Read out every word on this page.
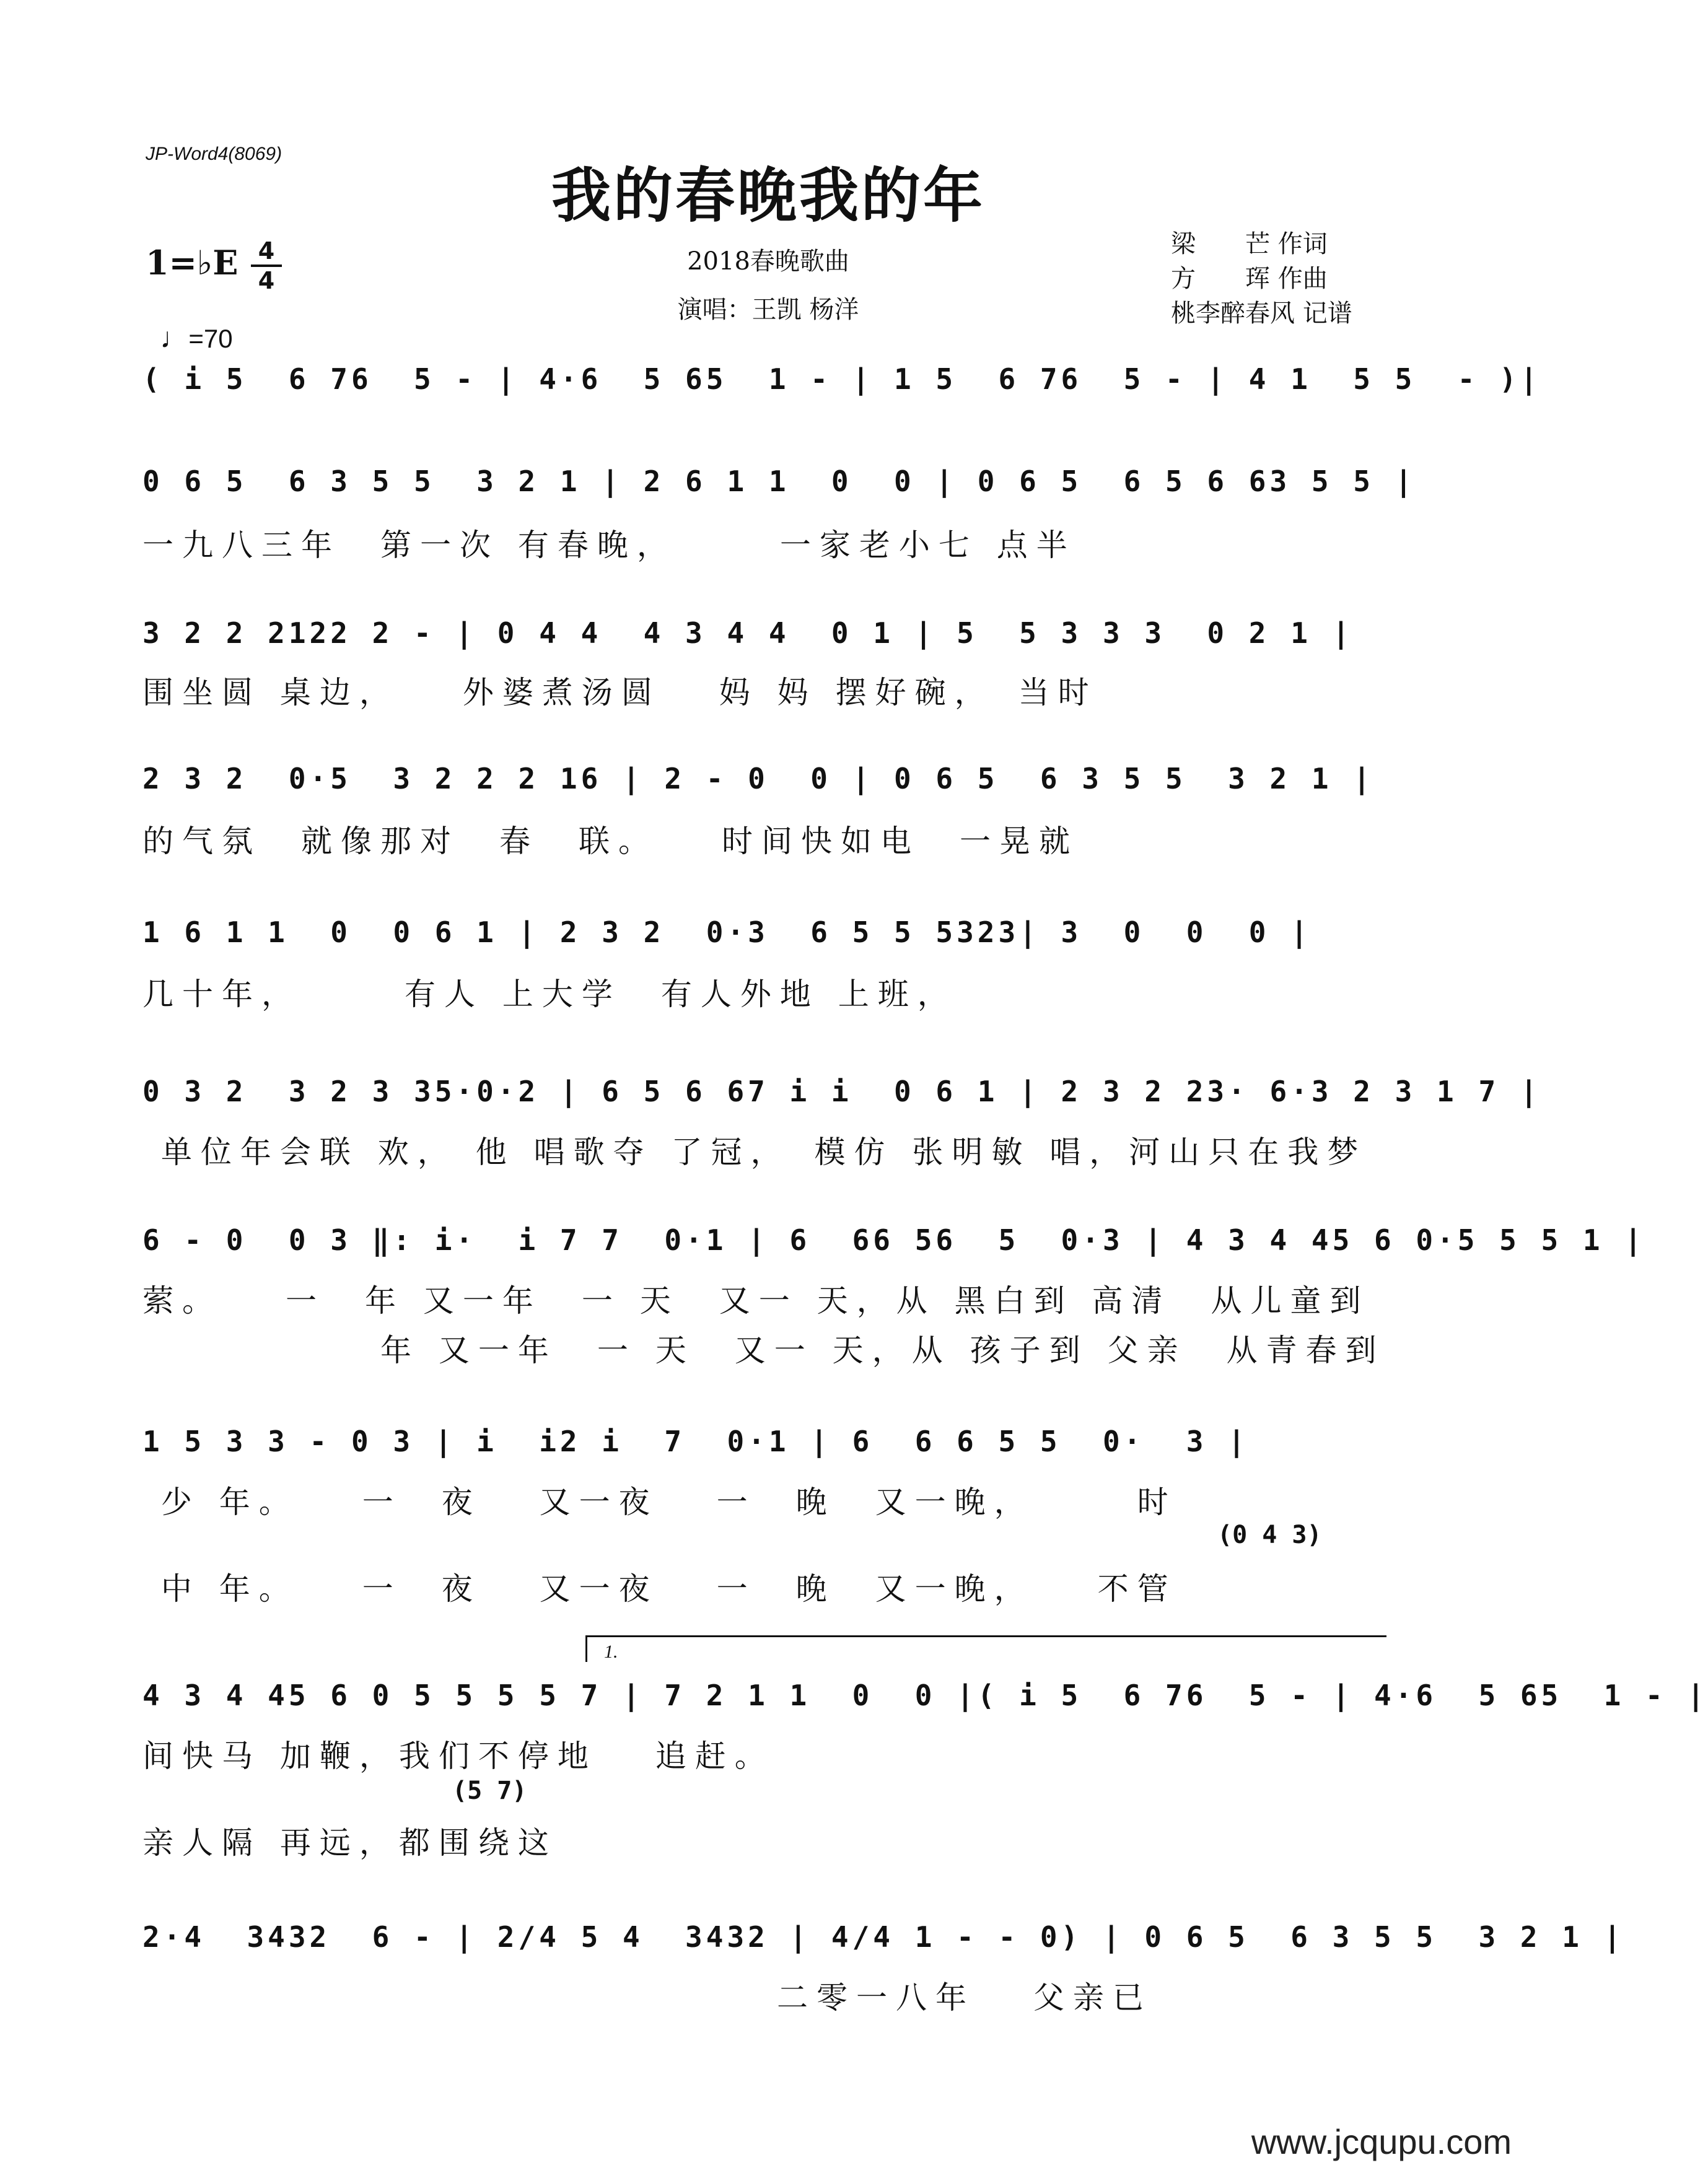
JP-Word4(8069)
我的春晚我的年
1=♭E 4
4

♩=70

2018春晚歌曲
演唱：王凯 杨洋
梁　　芒 作词
方　　珲 作曲
桃李醉春风 记谱
( i 5  6 76  5 - | 4·6  5 65  1 - | 1 5  6 76  5 - | 4 1  5 5  - )|
0 6 5  6 3 5 5  3 2 1 | 2 6 1 1  0  0 | 0 6 5  6 5 6 63 5 5 |
一九八三年　第一次 有春晚，　　　一家老小七 点半
3 2 2 2122 2 - | 0 4 4  4 3 4 4  0 1 | 5  5 3 3 3  0 2 1 |
围坐圆 桌边，　　外婆煮汤圆　 妈 妈 摆好碗，　当时
2 3 2  0·5  3 2 2 2 16 | 2 - 0  0 | 0 6 5  6 3 5 5  3 2 1 |
的气氛　就像那对　春　联。　　时间快如电　一晃就
1 6 1 1  0  0 6 1 | 2 3 2  0·3  6 5 5 5323| 3  0  0  0 |
几十年，　　　有人 上大学　有人外地 上班，
0 3 2  3 2 3 35·0·2 | 6 5 6 67 i i  0 6 1 | 2 3 2 23· 6·3 2 3 1 7 |
单位年会联 欢， 他 唱歌夺 了冠，　模仿 张明敏 唱，河山只在我梦
6 - 0  0 3 ‖: i·  i 7 7  0·1 | 6  66 56  5  0·3 | 4 3 4 45 6 0·5 5 5 1 |
萦。　　一　年 又一年　一 天　又一 天，从 黑白到 高清　从儿童到
　　　　　　年 又一年　一 天　又一 天，从 孩子到 父亲　从青春到
1 5 3 3 - 0 3 | i  i2 i  7  0·1 | 6  6 6 5 5  0·  3 |
少 年。　　一　夜　 又一夜　 一　晚　又一晚，　　　时
(0 4 3)
中 年。　　一　夜　 又一夜　 一　晚　又一晚，　　不管
1.
4 3 4 45 6 0 5 5 5 5 7 | 7 2 1 1  0  0 |( i 5  6 76  5 - | 4·6  5 65  1 - |
间快马 加鞭，我们不停地　 追赶。
(5 7)
亲人隔 再远，都围绕这
2·4  3432  6 - | 2/4 5 4  3432 | 4/4 1 - - 0) | 0 6 5  6 3 5 5  3 2 1 |
　　　　　　　　　　　　　　　　二零一八年　 父亲已
www.jcqupu.com
